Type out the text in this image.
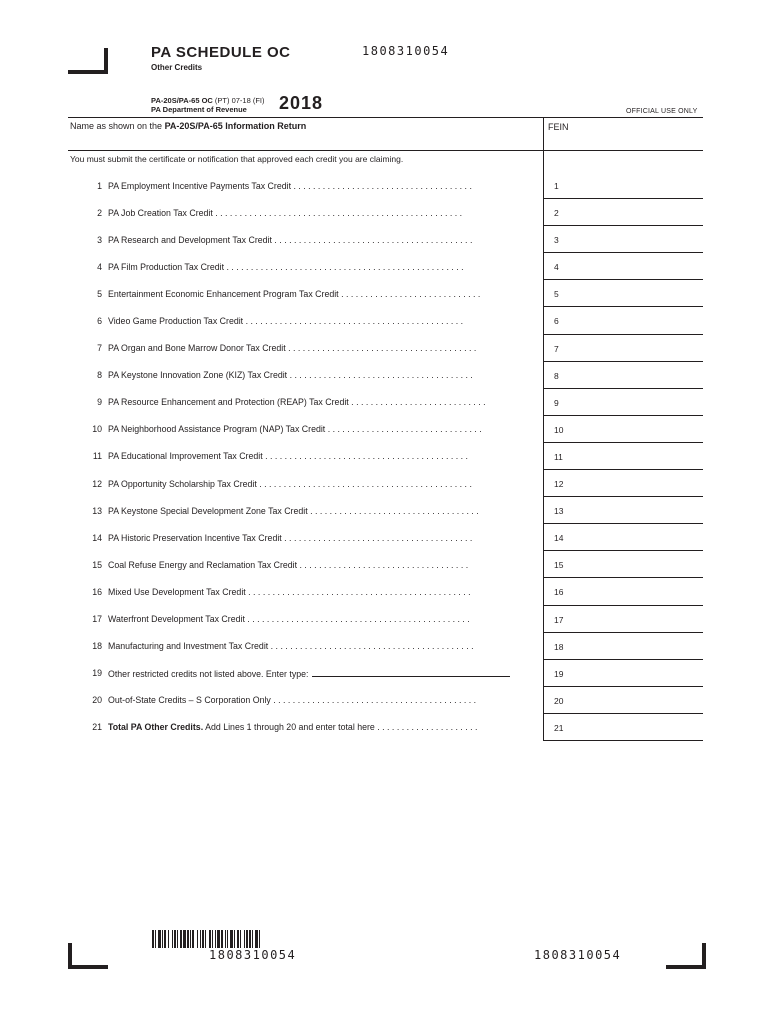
PA SCHEDULE OC
Other Credits
1808310054
PA-20S/PA-65 OC (PT) 07-18 (FI)
PA Department of Revenue	2018	OFFICIAL USE ONLY
Name as shown on the PA-20S/PA-65 Information Return	FEIN
You must submit the certificate or notification that approved each credit you are claiming.
1 PA Employment Incentive Payments Tax Credit . . . . . . . . . . . . . . . . . . . . . . . . . . . . . . . . . . . . .	1
2 PA Job Creation Tax Credit . . . . . . . . . . . . . . . . . . . . . . . . . . . . . . . . . . . . . . . . . . . . . . . . . . .	2
3 PA Research and Development Tax Credit . . . . . . . . . . . . . . . . . . . . . . . . . . . . . . . . . . . . . . . . .	3
4 PA Film Production Tax Credit . . . . . . . . . . . . . . . . . . . . . . . . . . . . . . . . . . . . . . . . . . . . . . . . .	4
5 Entertainment Economic Enhancement Program Tax Credit . . . . . . . . . . . . . . . . . . . . . . . . . . . . .	5
6 Video Game Production Tax Credit . . . . . . . . . . . . . . . . . . . . . . . . . . . . . . . . . . . . . . . . . . . . .	6
7 PA Organ and Bone Marrow Donor Tax Credit . . . . . . . . . . . . . . . . . . . . . . . . . . . . . . . . . . . . . . .	7
8 PA Keystone Innovation Zone (KIZ) Tax Credit . . . . . . . . . . . . . . . . . . . . . . . . . . . . . . . . . . . . . .	8
9 PA Resource Enhancement and Protection (REAP) Tax Credit . . . . . . . . . . . . . . . . . . . . . . . . . . . .	9
10 PA Neighborhood Assistance Program (NAP) Tax Credit . . . . . . . . . . . . . . . . . . . . . . . . . . . . . . . .	10
11 PA Educational Improvement Tax Credit . . . . . . . . . . . . . . . . . . . . . . . . . . . . . . . . . . . . . . . . . .	11
12 PA Opportunity Scholarship Tax Credit . . . . . . . . . . . . . . . . . . . . . . . . . . . . . . . . . . . . . . . . . . . .	12
13 PA Keystone Special Development Zone Tax Credit . . . . . . . . . . . . . . . . . . . . . . . . . . . . . . . . . . .	13
14 PA Historic Preservation Incentive Tax Credit . . . . . . . . . . . . . . . . . . . . . . . . . . . . . . . . . . . . . . .	14
15 Coal Refuse Energy and Reclamation Tax Credit . . . . . . . . . . . . . . . . . . . . . . . . . . . . . . . . . . .	15
16 Mixed Use Development Tax Credit . . . . . . . . . . . . . . . . . . . . . . . . . . . . . . . . . . . . . . . . . . . . . .	16
17 Waterfront Development Tax Credit . . . . . . . . . . . . . . . . . . . . . . . . . . . . . . . . . . . . . . . . . . . . . .	17
18 Manufacturing and Investment Tax Credit . . . . . . . . . . . . . . . . . . . . . . . . . . . . . . . . . . . . . . . . . .	18
19 Other restricted credits not listed above. Enter type:	19
20 Out-of-State Credits – S Corporation Only . . . . . . . . . . . . . . . . . . . . . . . . . . . . . . . . . . . . . . . . . .	20
21 Total PA Other Credits. Add Lines 1 through 20 and enter total here . . . . . . . . . . . . . . . . . . . . .	21
1808310054	1808310054
